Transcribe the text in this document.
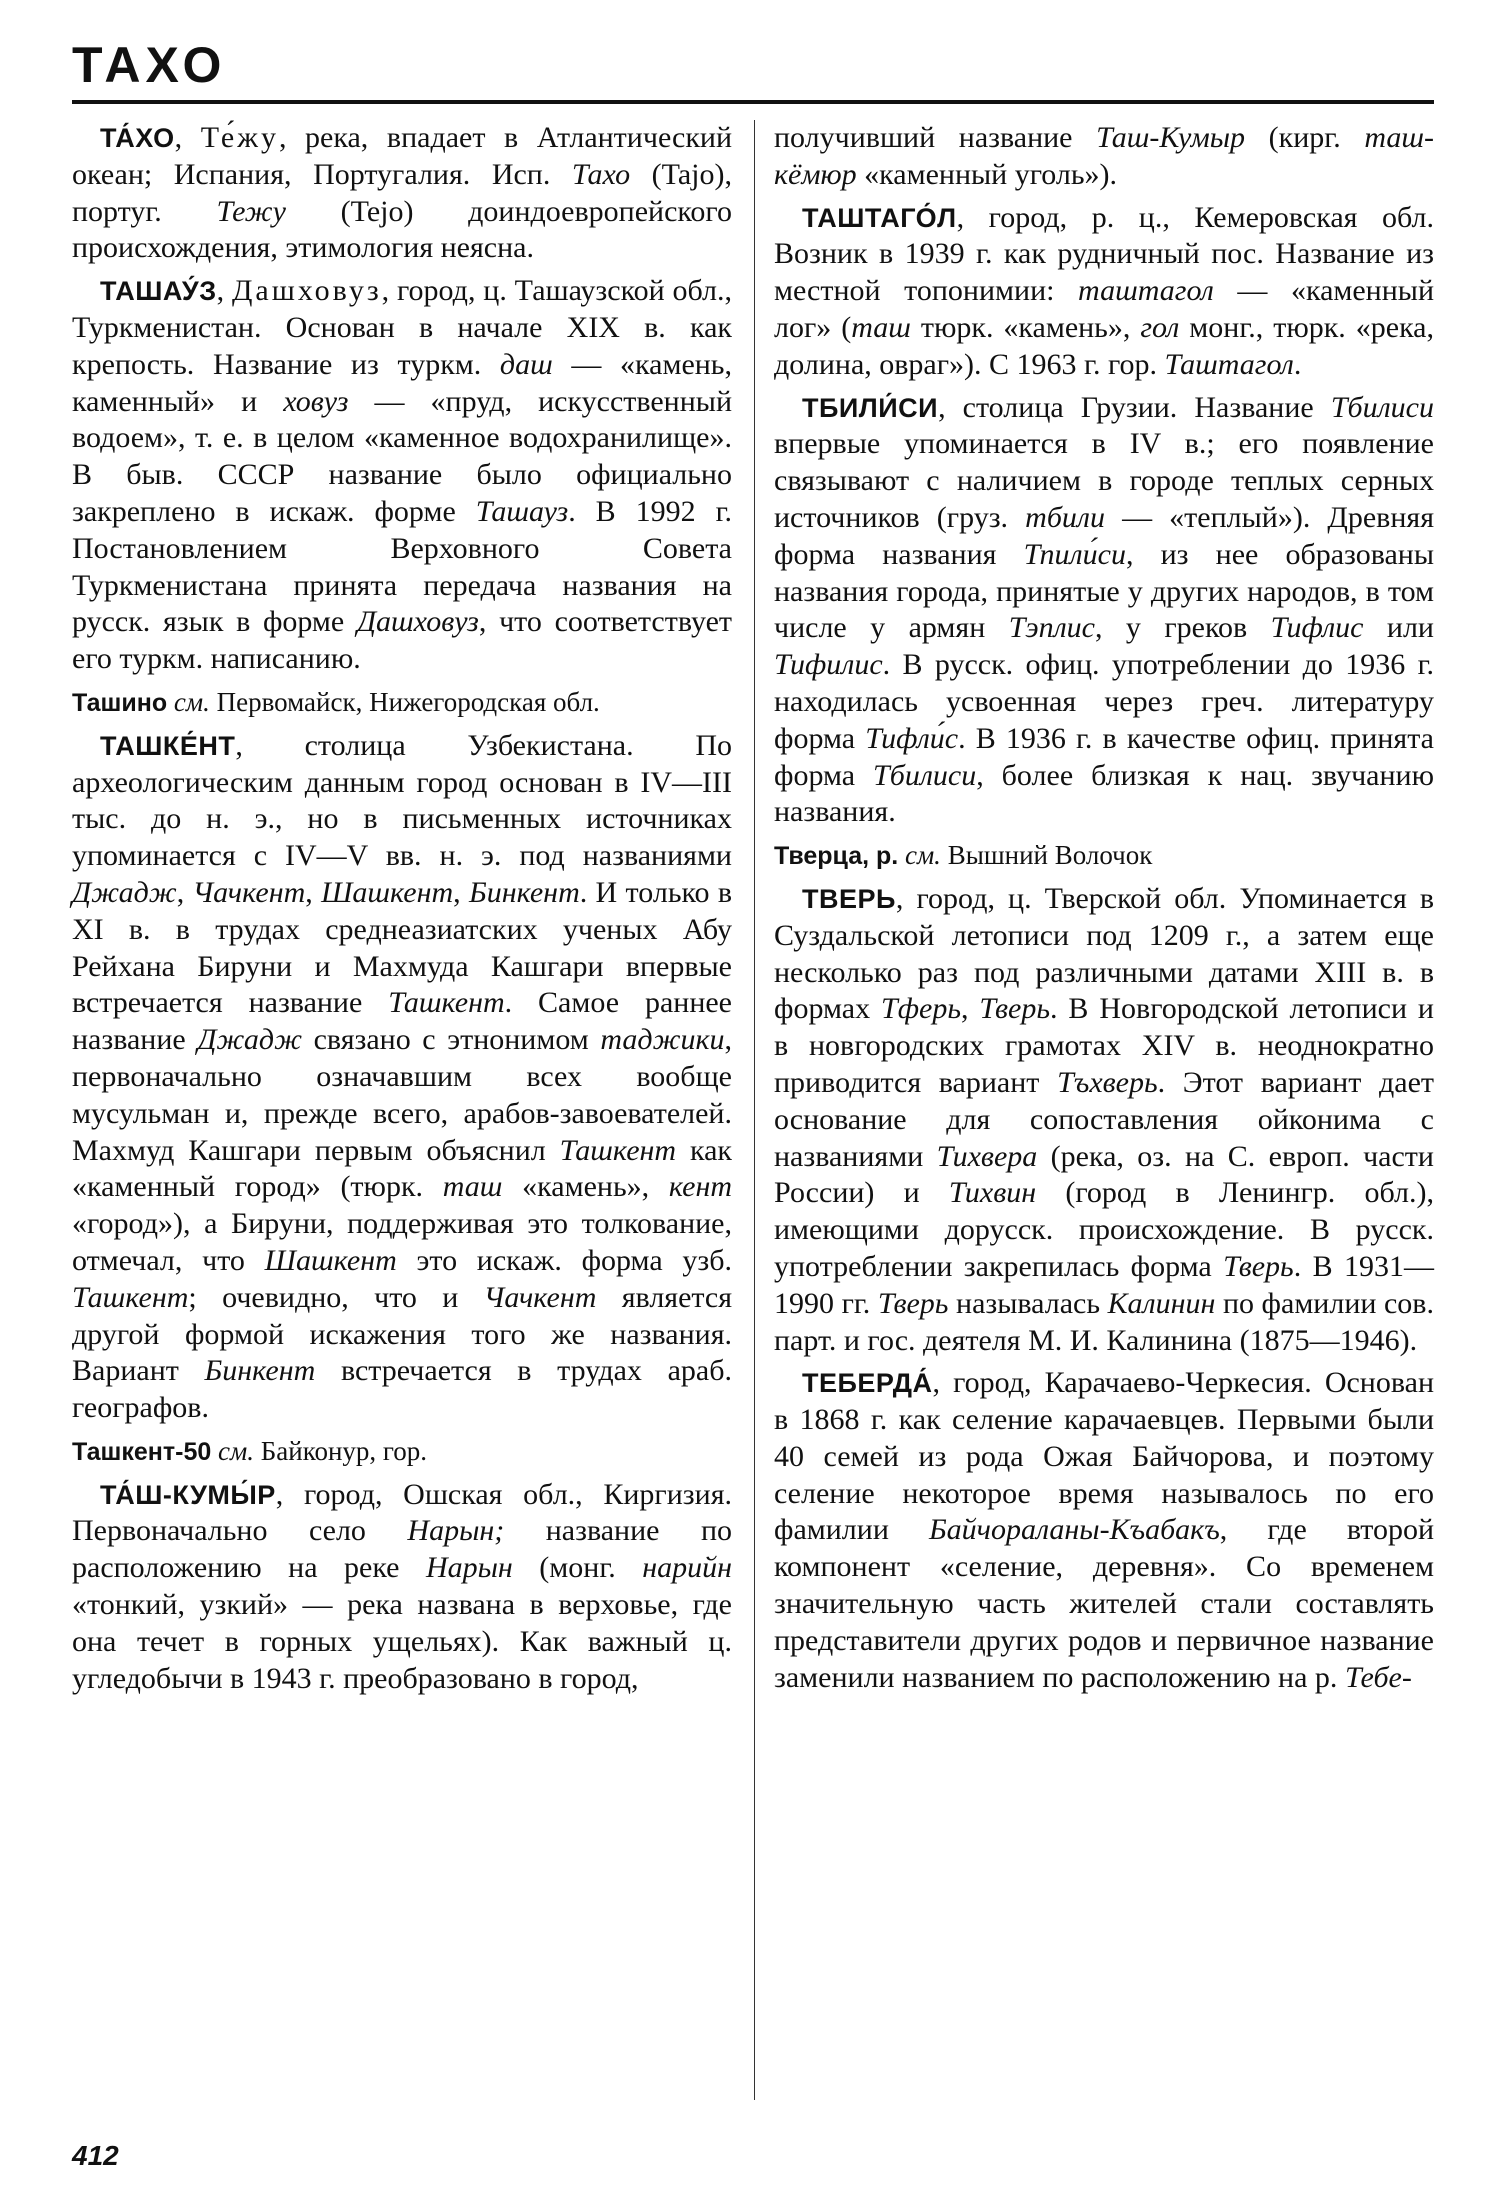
ТАХО
ТА́ХО, Те́жу, река, впадает в Атлантический океан; Испания, Португалия. Исп. Тахо (Tajo), португ. Тежу (Tejo) доиндоевропейского происхождения, этимология неясна.
ТАШАУ́З, Дашховуз, город, ц. Ташаузской обл., Туркменистан. Основан в начале XIX в. как крепость. Название из туркм. даш — «камень, каменный» и ховуз — «пруд, искусственный водоем», т. е. в целом «каменное водохранилище». В быв. СССР название было официально закреплено в искаж. форме Ташауз. В 1992 г. Постановлением Верховного Совета Туркменистана принята передача названия на русск. язык в форме Дашховуз, что соответствует его туркм. написанию.
Ташино см. Первомайск, Нижегородская обл.
ТАШКЕ́НТ, столица Узбекистана. По археологическим данным город основан в IV—III тыс. до н. э., но в письменных источниках упоминается с IV—V вв. н. э. под названиями Джадж, Чачкент, Шашкент, Бинкент. И только в XI в. в трудах среднеазиатских ученых Абу Рейхана Бируни и Махмуда Кашгари впервые встречается название Ташкент. Самое раннее название Джадж связано с этнонимом таджики, первоначально означавшим всех вообще мусульман и, прежде всего, арабов-завоевателей. Махмуд Кашгари первым объяснил Ташкент как «каменный город» (тюрк. таш «камень», кент «город»), а Бируни, поддерживая это толкование, отмечал, что Шашкент это искаж. форма узб. Ташкент; очевидно, что и Чачкент является другой формой искажения того же названия. Вариант Бинкент встречается в трудах араб. географов.
Ташкент-50 см. Байконур, гор.
ТА́Ш-КУМЫ́Р, город, Ошская обл., Киргизия. Первоначально село Нарын; название по расположению на реке Нарын (монг. нарийн «тонкий, узкий» — река названа в верховье, где она течет в горных ущельях). Как важный ц. угледобычи в 1943 г. преобразовано в город,
получивший название Таш-Кумыр (кирг. таш-кёмюр «каменный уголь»).
ТАШТАГО́Л, город, р. ц., Кемеровская обл. Возник в 1939 г. как рудничный пос. Название из местной топонимии: таштагол — «каменный лог» (таш тюрк. «камень», гол монг., тюрк. «река, долина, овраг»). С 1963 г. гор. Таштагол.
ТБИЛИ́СИ, столица Грузии. Название Тбилиси впервые упоминается в IV в.; его появление связывают с наличием в городе теплых серных источников (груз. тбили — «теплый»). Древняя форма названия Тпили́си, из нее образованы названия города, принятые у других народов, в том числе у армян Тэплис, у греков Тифлис или Тифилис. В русск. офиц. употреблении до 1936 г. находилась усвоенная через греч. литературу форма Тифли́с. В 1936 г. в качестве офиц. принята форма Тбилиси, более близкая к нац. звучанию названия.
Тверца, р. см. Вышний Волочок
ТВЕРЬ, город, ц. Тверской обл. Упоминается в Суздальской летописи под 1209 г., а затем еще несколько раз под различными датами XIII в. в формах Тферь, Тверь. В Новгородской летописи и в новгородских грамотах XIV в. неоднократно приводится вариант Тъхверь. Этот вариант дает основание для сопоставления ойконима с названиями Тихвера (река, оз. на С. европ. части России) и Тихвин (город в Ленингр. обл.), имеющими дорусск. происхождение. В русск. употреблении закрепилась форма Тверь. В 1931—1990 гг. Тверь называлась Калинин по фамилии сов. парт. и гос. деятеля М. И. Калинина (1875—1946).
ТЕБЕРДА́, город, Карачаево-Черкесия. Основан в 1868 г. как селение карачаевцев. Первыми были 40 семей из рода Ожая Байчорова, и поэтому селение некоторое время называлось по его фамилии Байчораланы-Къабакъ, где второй компонент «селение, деревня». Со временем значительную часть жителей стали составлять представители других родов и первичное название заменили названием по расположению на р. Тебе-
412
